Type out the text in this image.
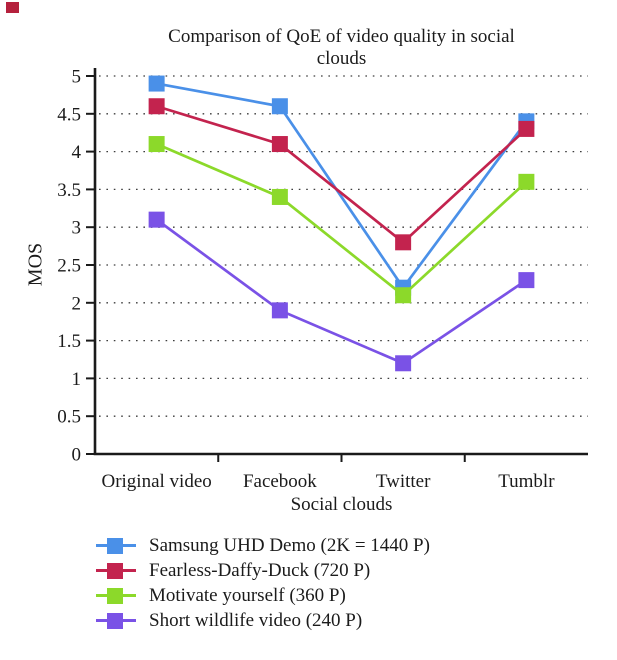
Comparison of QoE of video quality in social
clouds
0
0.5
1
1.5
2
2.5
3
3.5
4
4.5
5
Original video Facebook	Twitter	Tumblr
MOS
Social clouds
Samsung UHD Demo (2K = 1440 P)
Fearless-Daffy-Duck (720 P)
Motivate yourself (360 P)
Short wildlife video (240 P)
